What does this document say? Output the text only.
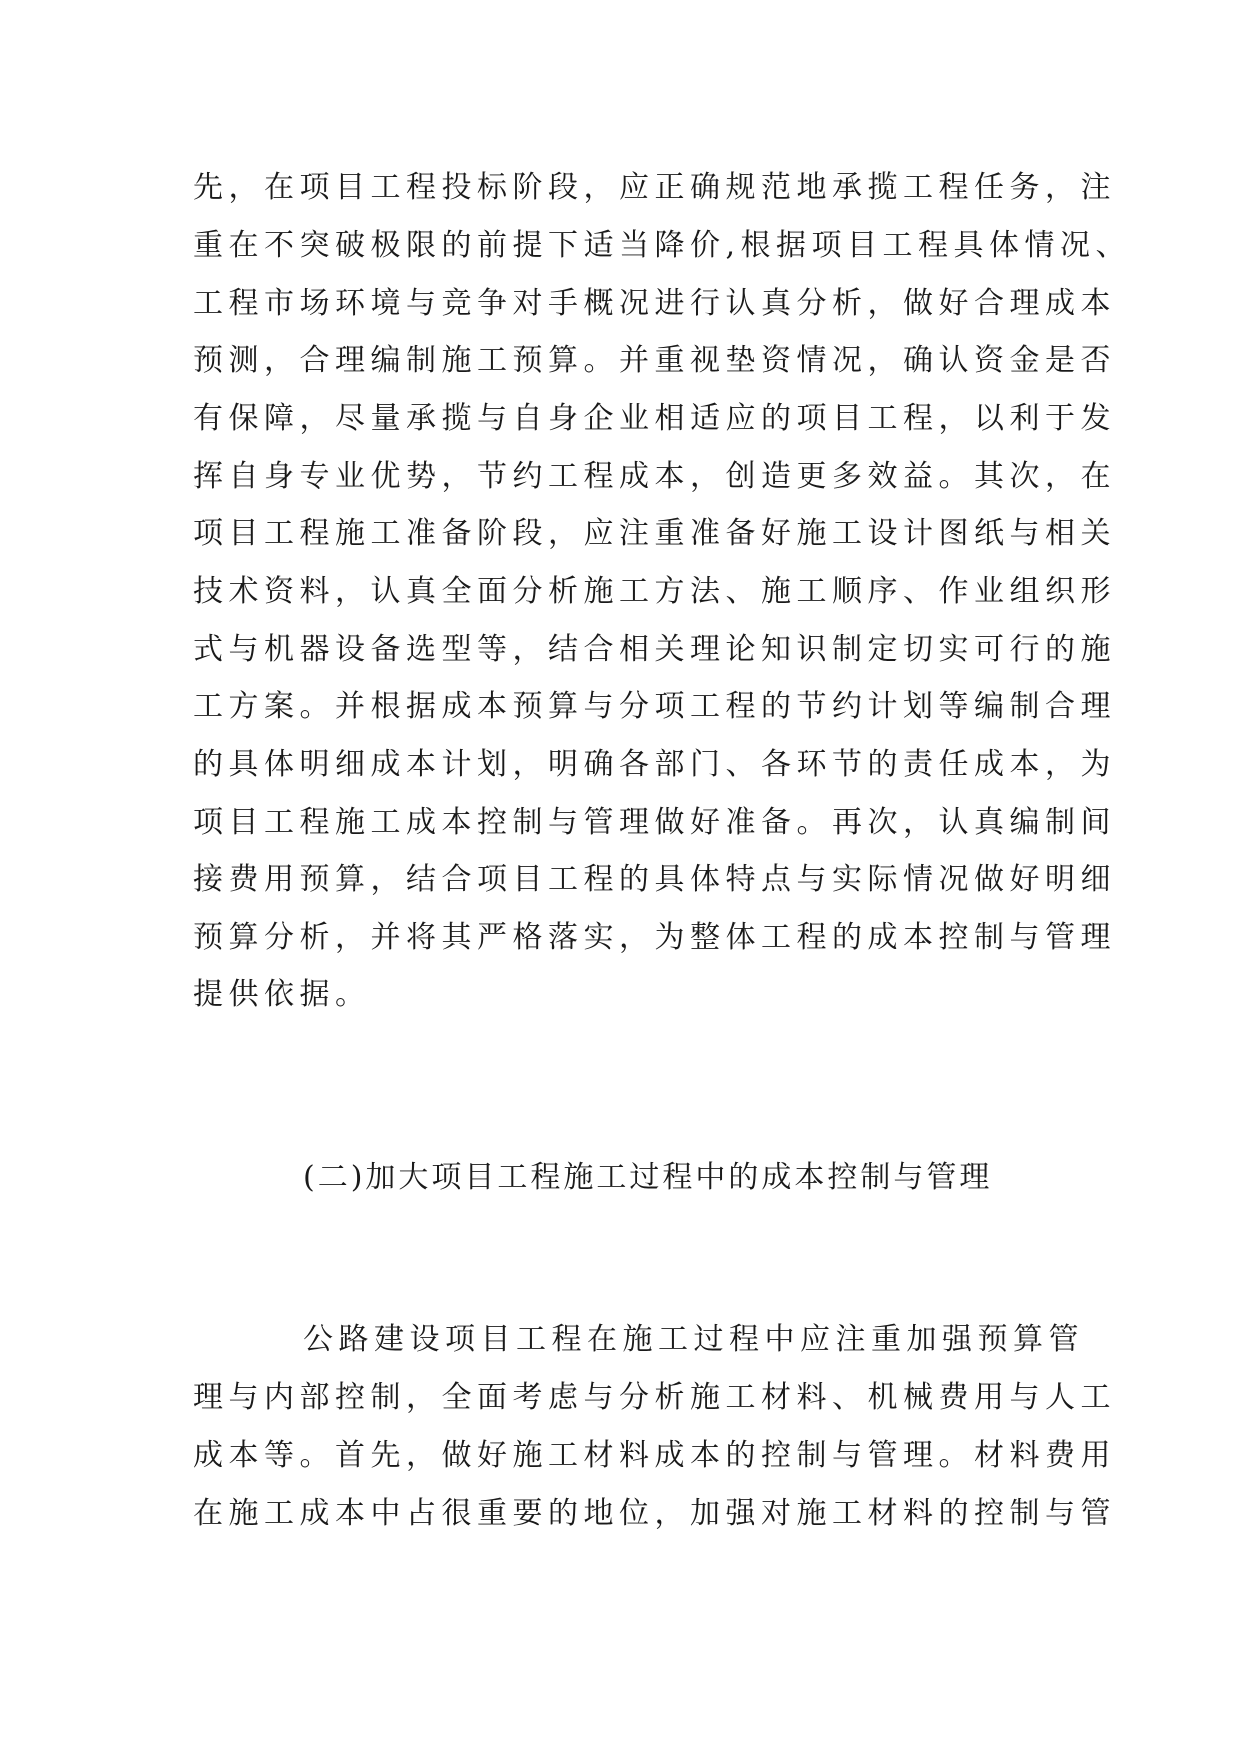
先，在项目工程投标阶段，应正确规范地承揽工程任务，注
重在不突破极限的前提下适当降价,根据项目工程具体情况、
工程市场环境与竞争对手概况进行认真分析，做好合理成本
预测，合理编制施工预算。并重视垫资情况，确认资金是否
有保障，尽量承揽与自身企业相适应的项目工程，以利于发
挥自身专业优势，节约工程成本，创造更多效益。其次，在
项目工程施工准备阶段，应注重准备好施工设计图纸与相关
技术资料，认真全面分析施工方法、施工顺序、作业组织形
式与机器设备选型等，结合相关理论知识制定切实可行的施
工方案。并根据成本预算与分项工程的节约计划等编制合理
的具体明细成本计划，明确各部门、各环节的责任成本，为
项目工程施工成本控制与管理做好准备。再次，认真编制间
接费用预算，结合项目工程的具体特点与实际情况做好明细
预算分析，并将其严格落实，为整体工程的成本控制与管理
提供依据。
(二)加大项目工程施工过程中的成本控制与管理
公路建设项目工程在施工过程中应注重加强预算管
理与内部控制，全面考虑与分析施工材料、机械费用与人工
成本等。首先，做好施工材料成本的控制与管理。材料费用
在施工成本中占很重要的地位，加强对施工材料的控制与管
